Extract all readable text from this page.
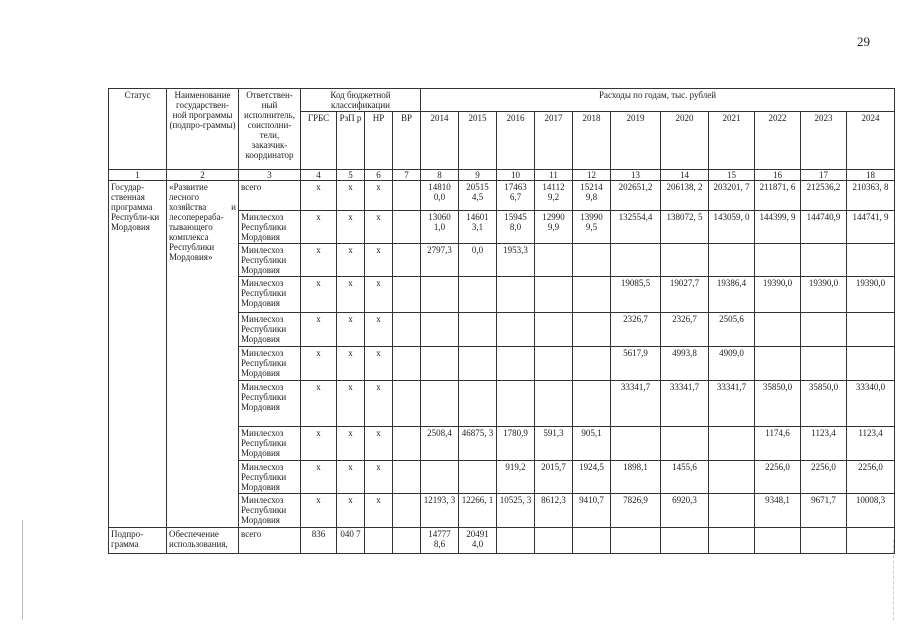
29
Статус	Наименование государствен-ной программы (подпро-граммы)	Ответствен-ный исполнитель, соисполни-тели, заказчик-координатор	Код бюджетной классификации				Расходы по годам, тыс. рублей										
			ГРБС	РзП р	НР	ВР	2014	2015	2016	2017	2018	2019	2020	2021	2022	2023	2024
1	2	3	4	5	6	7	8	9	10	11	12	13	14	15	16	17	18
Государ-ственная программа Республи-ки Мордовия	«Развитие лесного хозяйства и лесоперераба-тывающего комплекса Республики Мордовия»	всего	х	х	х		14810 0,0	20515 4,5	17463 6,7	14112 9,2	15214 9,8	202651,2	206138, 2	203201, 7	211871, 6	212536,2	210363, 8
		Минлесхоз Республики Мордовия	х	х	х		13060 1,0	14601 3,1	15945 8,0	12990 9,9	13990 9,5	132554,4	138072, 5	143059, 0	144399, 9	144740,9	144741, 9
		Минлесхоз Республики Мордовия	х	х	х		2797,3	0,0	1953,3								
		Минлесхоз Республики Мордовия	х	х	х							19085,5	19027,7	19386,4	19390,0	19390,0	19390,0
		Минлесхоз Республики Мордовия	х	х	х							2326,7	2326,7	2505,6			
		Минлесхоз Республики Мордовия	х	х	х							5617,9	4993,8	4909,0			
		Минлесхоз Республики Мордовия	х	х	х							33341,7	33341,7	33341,7	35850,0	35850,0	33340,0
		Минлесхоз Республики Мордовия	х	х	х		2508,4	46875, 3	1780,9	591,3	905,1				1174,6	1123,4	1123,4
		Минлесхоз Республики Мордовия	х	х	х				919,2	2015,7	1924,5	1898,1	1455,6		2256,0	2256,0	2256,0
		Минлесхоз Республики Мордовия	х	х	х		12193, 3	12266, 1	10525, 3	8612,3	9410,7	7826,9	6920,3		9348,1	9671,7	10008,3
Подпро-грамма	Обеспечение использования,	всего	836	040 7			14777 8,6	20491 4,0									
